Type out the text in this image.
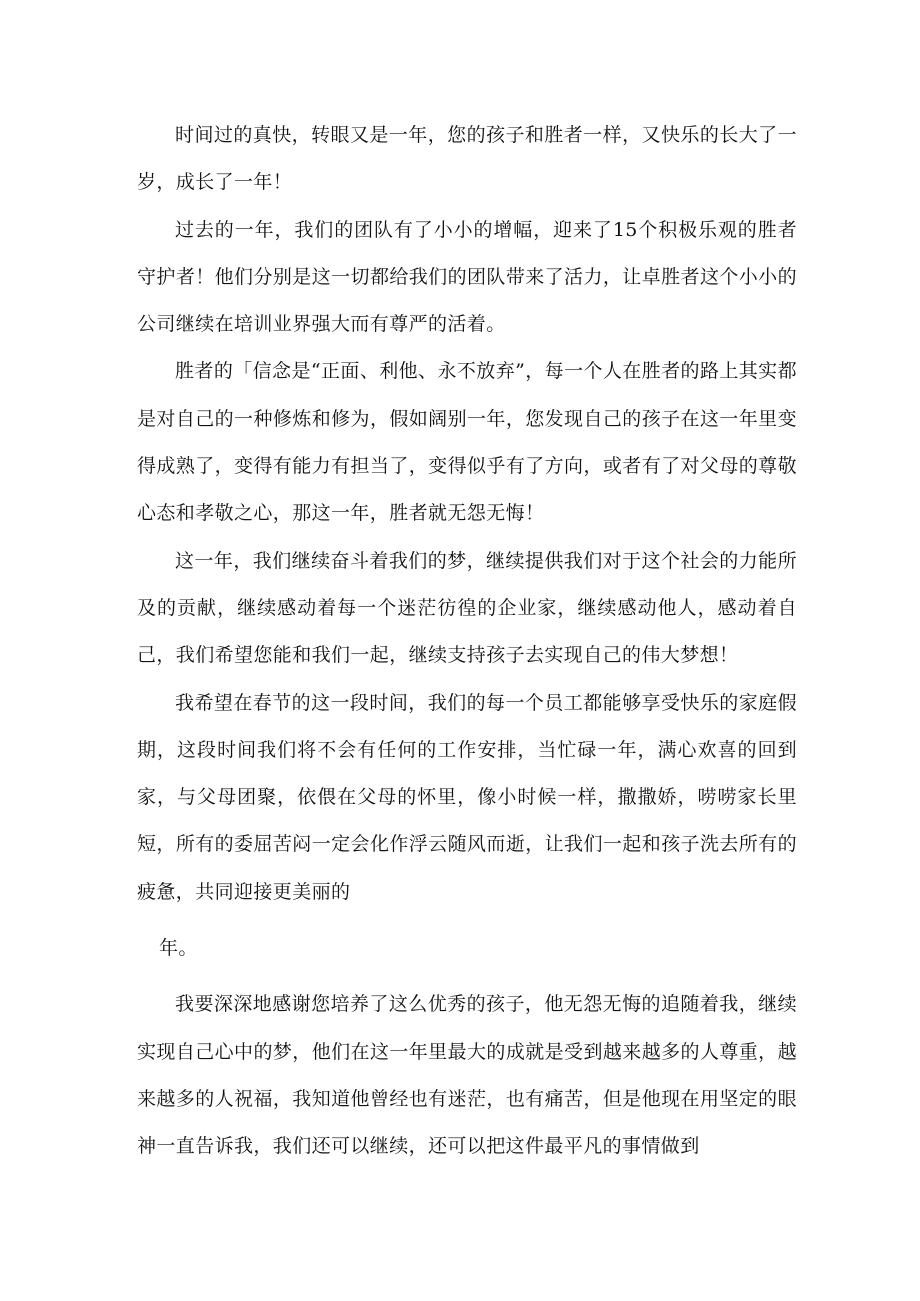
时间过的真快，转眼又是一年，您的孩子和胜者一样，又快乐的长大了一岁，成长了一年！

过去的一年，我们的团队有了小小的增幅，迎来了15个积极乐观的胜者守护者！他们分别是这一切都给我们的团队带来了活力，让卓胜者这个小小的公司继续在培训业界强大而有尊严的活着。

胜者的「信念是“正面、利他、永不放弃”，每一个人在胜者的路上其实都是对自己的一种修炼和修为，假如阔别一年，您发现自己的孩子在这一年里变得成熟了，变得有能力有担当了，变得似乎有了方向，或者有了对父母的尊敬心态和孝敬之心，那这一年，胜者就无怨无悔！

这一年，我们继续奋斗着我们的梦，继续提供我们对于这个社会的力能所及的贡献，继续感动着每一个迷茫彷徨的企业家，继续感动他人，感动着自己，我们希望您能和我们一起，继续支持孩子去实现自己的伟大梦想！

我希望在春节的这一段时间，我们的每一个员工都能够享受快乐的家庭假期，这段时间我们将不会有任何的工作安排，当忙碌一年，满心欢喜的回到家，与父母团聚，依偎在父母的怀里，像小时候一样，撒撒娇，唠唠家长里短，所有的委屈苦闷一定会化作浮云随风而逝，让我们一起和孩子洗去所有的疲惫，共同迎接更美丽的

年。

我要深深地感谢您培养了这么优秀的孩子，他无怨无悔的追随着我，继续实现自己心中的梦，他们在这一年里最大的成就是受到越来越多的人尊重，越来越多的人祝福，我知道他曾经也有迷茫，也有痛苦，但是他现在用坚定的眼神一直告诉我，我们还可以继续，还可以把这件最平凡的事情做到
